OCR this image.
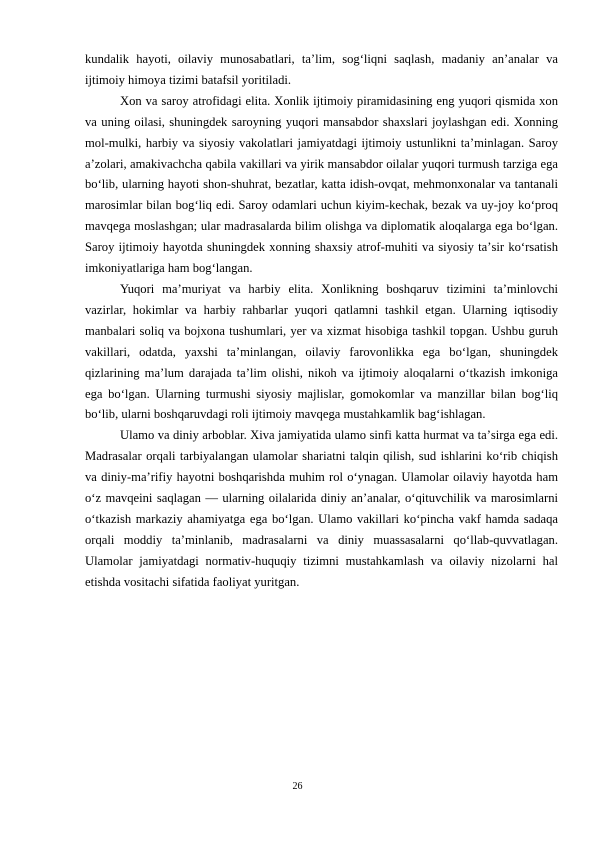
kundalik hayoti, oilaviy munosabatlari, taʼlim, sog‘liqni saqlash, madaniy anʼanalar va ijtimoiy himoya tizimi batafsil yoritiladi.

Xon va saroy atrofidagi elita. Xonlik ijtimoiy piramidasining eng yuqori qismida xon va uning oilasi, shuningdek saroyning yuqori mansabdor shaxslari joylashgan edi. Xonning mol-mulki, harbiy va siyosiy vakolatlari jamiyatdagi ijtimoiy ustunlikni taʼminlagan. Saroy aʼzolari, amakivachcha qabila vakillari va yirik mansabdor oilalar yuqori turmush tarziga ega bo‘lib, ularning hayoti shon-shuhrat, bezatlar, katta idish-ovqat, mehmonxonalar va tantanali marosimlar bilan bog‘liq edi. Saroy odamlari uchun kiyim-kechak, bezak va uy-joy ko‘proq mavqega moslashgan; ular madrasalarda bilim olishga va diplomatik aloqalarga ega bo‘lgan. Saroy ijtimoiy hayotda shuningdek xonning shaxsiy atrof-muhiti va siyosiy taʼsir ko‘rsatish imkoniyatlariga ham bog‘langan.

Yuqori maʼmuriyat va harbiy elita. Xonlikning boshqaruv tizimini taʼminlovchi vazirlar, hokimlar va harbiy rahbarlar yuqori qatlamni tashkil etgan. Ularning iqtisodiy manbalari soliq va bojxona tushumlari, yer va xizmat hisobiga tashkil topgan. Ushbu guruh vakillari, odatda, yaxshi taʼminlangan, oilaviy farovonlikka ega bo‘lgan, shuningdek qizlarining maʼlum darajada taʼlim olishi, nikoh va ijtimoiy aloqalarni o‘tkazish imkoniga ega bo‘lgan. Ularning turmushi siyosiy majlislar, gomokomlar va manzillar bilan bog‘liq bo‘lib, ularni boshqaruvdagi roli ijtimoiy mavqega mustahkamlik bag‘ishlagan.

Ulamo va diniy arboblar. Xiva jamiyatida ulamo sinfi katta hurmat va taʼsirga ega edi. Madrasalar orqali tarbiyalangan ulamolar shariatni talqin qilish, sud ishlarini ko‘rib chiqish va diniy-maʼrifiy hayotni boshqarishda muhim rol o‘ynagan. Ulamolar oilaviy hayotda ham o‘z mavqeini saqlagan — ularning oilalarida diniy anʼanalar, o‘qituvchilik va marosimlarni o‘tkazish markaziy ahamiyatga ega bo‘lgan. Ulamo vakillari ko‘pincha vakf hamda sadaqa orqali moddiy taʼminlanib, madrasalarni va diniy muassasalarni qo‘llab-quvvatlagan. Ulamolar jamiyatdagi normativ-huquqiy tizimni mustahkamlash va oilaviy nizolarni hal etishda vositachi sifatida faoliyat yuritgan.

26
